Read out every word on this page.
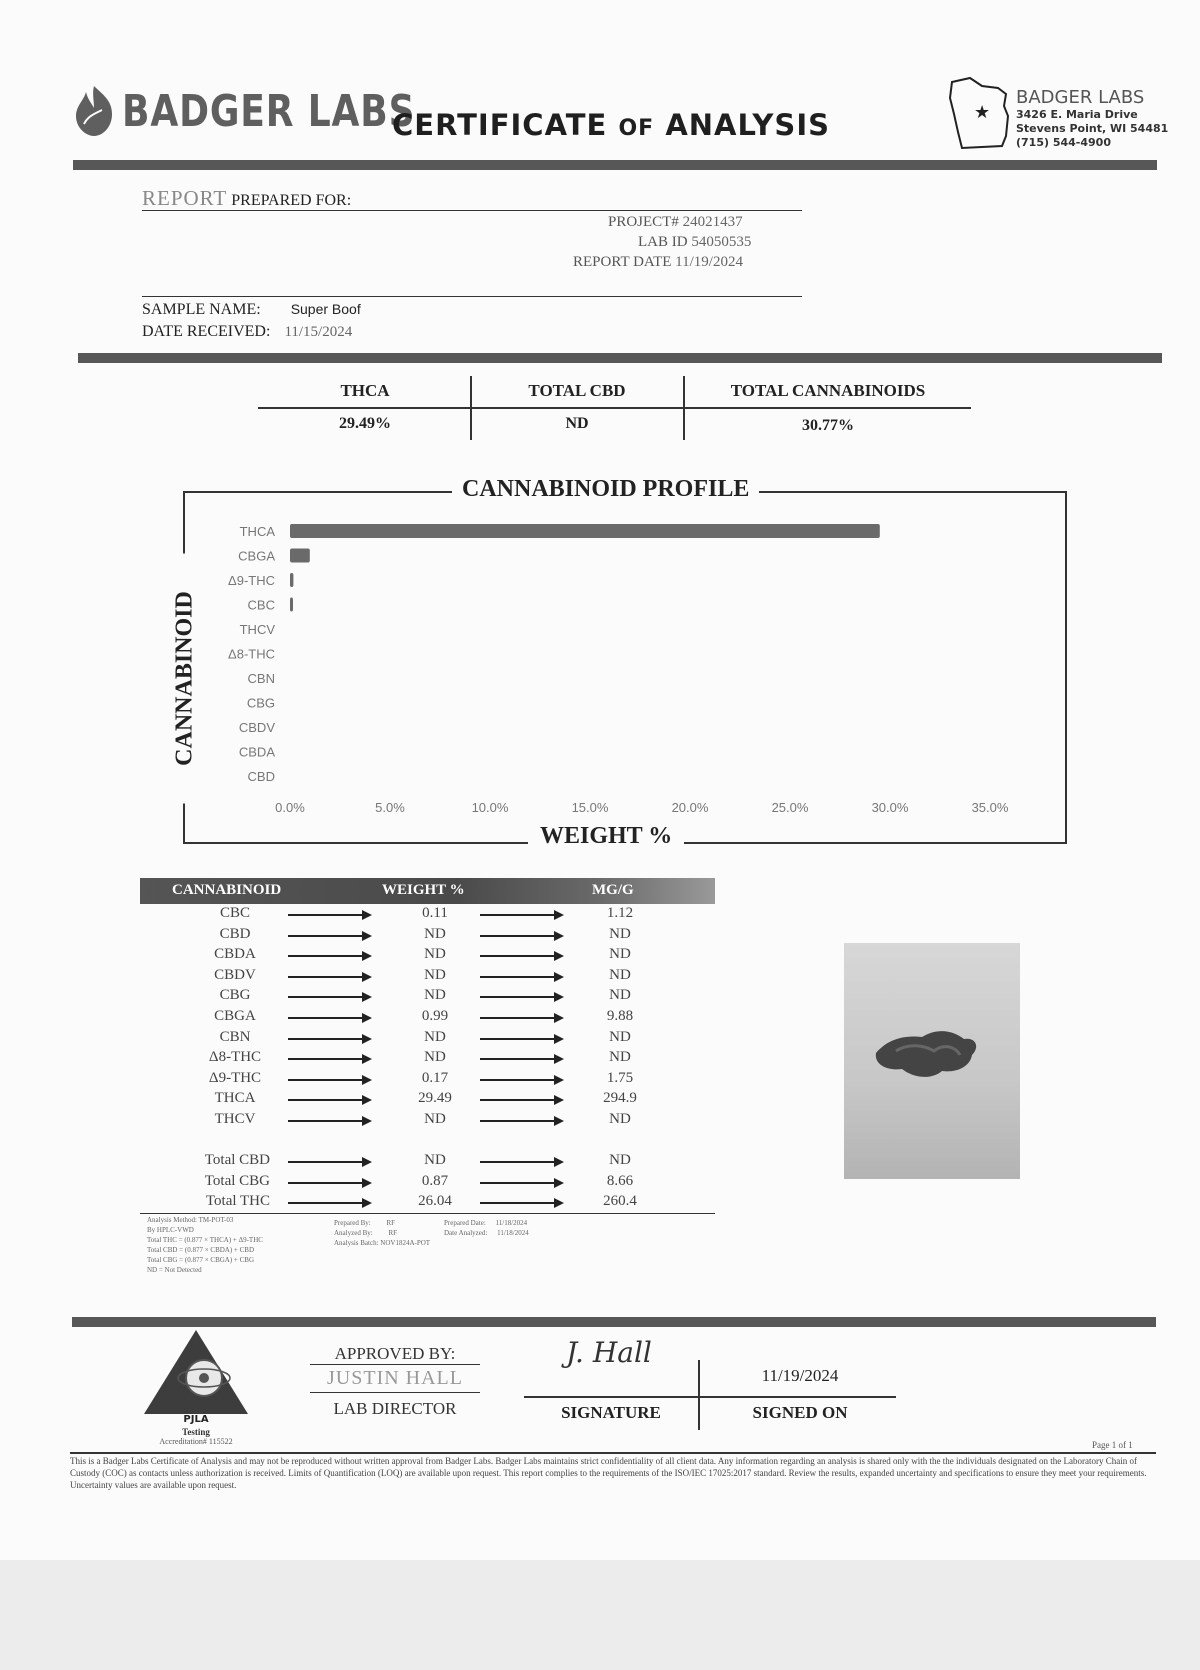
BADGER LABS
CERTIFICATE OF ANALYSIS	★
BADGER LABS
3426 E. Maria Drive
Stevens Point, WI 54481
(715) 544-4900
REPORT PREPARED FOR:
PROJECT# 24021437
LAB ID 54050535
REPORT DATE 11/19/2024
SAMPLE NAME: Super Boof
DATE RECEIVED: 11/15/2024
THCA	TOTAL CBD	TOTAL CANNABINOIDS
29.49%	ND	30.77%
THCA
CBGA
Δ9-THC
CBC
THCV
Δ8-THC
CBN
CBG
CBDV
CBDA
CBD
0.0%	5.0%	10.0%	15.0%	20.0%	25.0%	30.0%	35.0%
CANNABINOID PROFILE
WEIGHT %
CANNABINOID
CANNABINOID	WEIGHT %	MG/G
CBC	0.11	1.12
CBD	ND	ND
CBDA	ND	ND
CBDV	ND	ND
CBG	ND	ND
CBGA	0.99	9.88
CBN	ND	ND
Δ8-THC	ND	ND
Δ9-THC	0.17	1.75
THCA	29.49	294.9
THCV	ND	ND
Total CBD	ND	ND
Total CBG	0.87	8.66
Total THC	26.04	260.4
Analysis Method: TM-POT-03
By HPLC-VWD
Total THC = (0.877 × THCA) + Δ9-THC
Total CBD = (0.877 × CBDA) + CBD
Total CBG = (0.877 × CBGA) + CBG
ND = Not Detected
Prepared By: RF
Analyzed By: RF
Analysis Batch: NOV1824A-POT
Prepared Date: 11/18/2024
Date Analyzed: 11/18/2024
PJLA
Testing
Accreditation# 115522
APPROVED BY:
JUSTIN HALL
LAB DIRECTOR
J. Hall
11/19/2024
SIGNATURE	SIGNED ON
Page 1 of 1
This is a Badger Labs Certificate of Analysis and may not be reproduced without written approval from Badger Labs. Badger Labs maintains strict confidentiality of all client data. Any information regarding an analysis is shared only with the the individuals designated on the Laboratory Chain of Custody (COC) as contacts unless authorization is received. Limits of Quantification (LOQ) are available upon request. This report complies to the requirements of the ISO/IEC 17025:2017 standard. Review the results, expanded uncertainty and specifications to ensure they meet your requirements. Uncertainty values are available upon request.
